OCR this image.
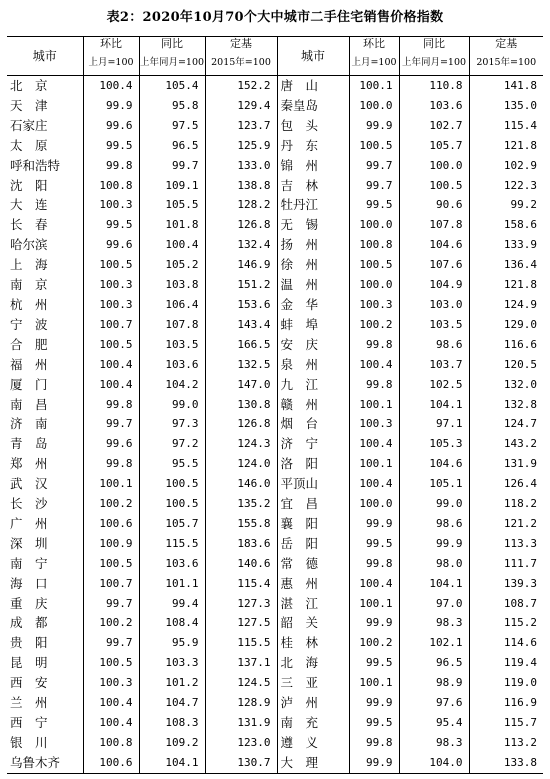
表2：2020年10月70个大中城市二手住宅销售价格指数
城市	环比	同比	定基	城市	环比	同比	定基
	上月=100	上年同月=100	2015年=100		上月=100	上年同月=100	2015年=100
北　京	100.4	105.4	152.2	唐　山	100.1	110.8	141.8
天　津	99.9	95.8	129.4	秦皇岛	100.0	103.6	135.0
石家庄	99.6	97.5	123.7	包　头	99.9	102.7	115.4
太　原	99.5	96.5	125.9	丹　东	100.5	105.7	121.8
呼和浩特	99.8	99.7	133.0	锦　州	99.7	100.0	102.9
沈　阳	100.8	109.1	138.8	吉　林	99.7	100.5	122.3
大　连	100.3	105.5	128.2	牡丹江	99.5	90.6	99.2
长　春	99.5	101.8	126.8	无　锡	100.0	107.8	158.6
哈尔滨	99.6	100.4	132.4	扬　州	100.8	104.6	133.9
上　海	100.5	105.2	146.9	徐　州	100.5	107.6	136.4
南　京	100.3	103.8	151.2	温　州	100.0	104.9	121.8
杭　州	100.3	106.4	153.6	金　华	100.3	103.0	124.9
宁　波	100.7	107.8	143.4	蚌　埠	100.2	103.5	129.0
合　肥	100.5	103.5	166.5	安　庆	99.8	98.6	116.6
福　州	100.4	103.6	132.5	泉　州	100.4	103.7	120.5
厦　门	100.4	104.2	147.0	九　江	99.8	102.5	132.0
南　昌	99.8	99.0	130.8	赣　州	100.1	104.1	132.8
济　南	99.7	97.3	126.8	烟　台	100.3	97.1	124.7
青　岛	99.6	97.2	124.3	济　宁	100.4	105.3	143.2
郑　州	99.8	95.5	124.0	洛　阳	100.1	104.6	131.9
武　汉	100.1	100.5	146.0	平顶山	100.4	105.1	126.4
长　沙	100.2	100.5	135.2	宜　昌	100.0	99.0	118.2
广　州	100.6	105.7	155.8	襄　阳	99.9	98.6	121.2
深　圳	100.9	115.5	183.6	岳　阳	99.5	99.9	113.3
南　宁	100.5	103.6	140.6	常　德	99.8	98.0	111.7
海　口	100.7	101.1	115.4	惠　州	100.4	104.1	139.3
重　庆	99.7	99.4	127.3	湛　江	100.1	97.0	108.7
成　都	100.2	108.4	127.5	韶　关	99.9	98.3	115.2
贵　阳	99.7	95.9	115.5	桂　林	100.2	102.1	114.6
昆　明	100.5	103.3	137.1	北　海	99.5	96.5	119.4
西　安	100.3	101.2	124.5	三　亚	100.1	98.9	119.0
兰　州	100.4	104.7	128.9	泸　州	99.9	97.6	116.9
西　宁	100.4	108.3	131.9	南　充	99.5	95.4	115.7
银　川	100.8	109.2	123.0	遵　义	99.8	98.3	113.2
乌鲁木齐	100.6	104.1	130.7	大　理	99.9	104.0	133.8
